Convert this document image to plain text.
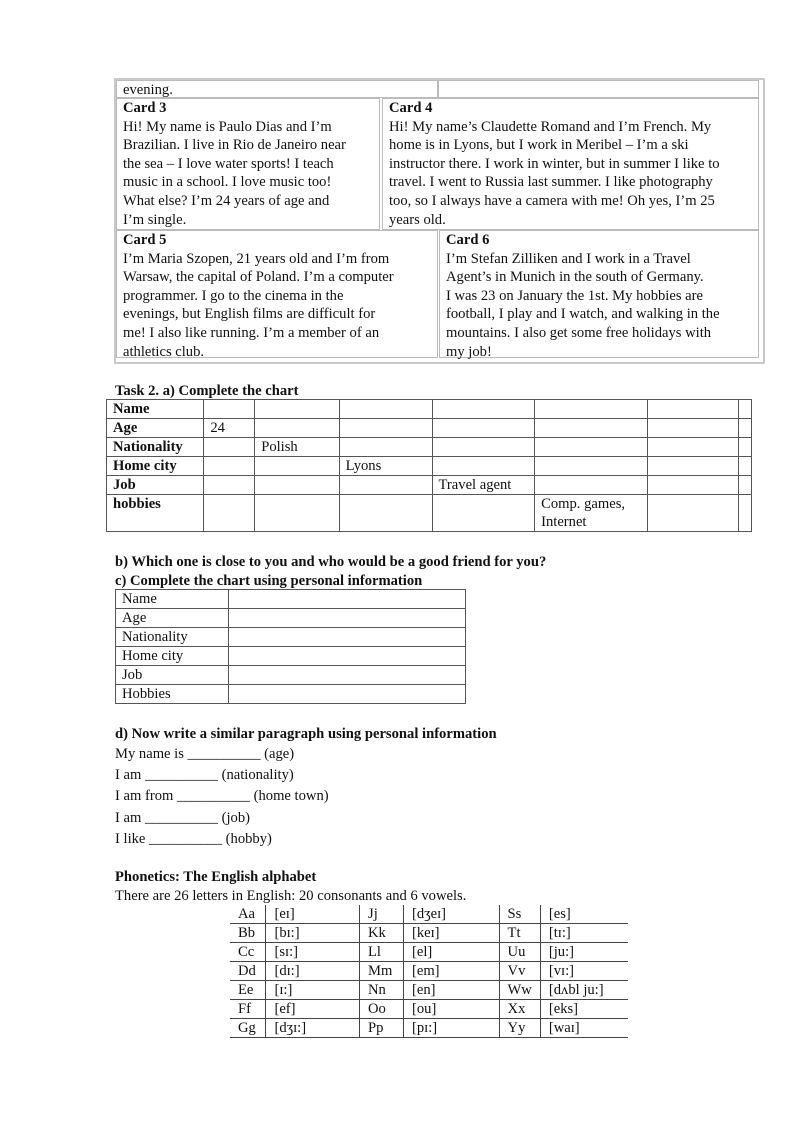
evening.

Card 3

Hi! My name is Paulo Dias and I’m
Brazilian. I live in Rio de Janeiro near
the sea – I love water sports! I teach
music in a school. I love music too!
What else? I’m 24 years of age and
I’m single.

Card 4

Hi! My name’s Claudette Romand and I’m French. My
home is in Lyons, but I work in Meribel – I’m a ski
instructor there. I work in winter, but in summer I like to
travel. I went to Russia last summer. I like photography
too, so I always have a camera with me! Oh yes, I’m 25
years old.

Card 5

I’m Maria Szopen, 21 years old and I’m from
Warsaw, the capital of Poland. I’m a computer
programmer. I go to the cinema in the
evenings, but English films are difficult for
me! I also like running. I’m a member of an
athletics club.

Card 6

I’m Stefan Zilliken and I work in a Travel
Agent’s in Munich in the south of Germany.
I was 23 on January the 1st. My hobbies are
football, I play and I watch, and walking in the
mountains. I also get some free holidays with
my job!

Task 2. a) Complete the chart
Name							
Age	24						
Nationality		Polish					
Home city			Lyons				
Job				Travel agent			
hobbies					Comp. games,
Internet		
b) Which one is close to you and who would be a good friend for you?
c) Complete the chart using personal information
Name	
Age	
Nationality	
Home city	
Job	
Hobbies	
d) Now write a similar paragraph using personal information

My name is __________ (age)

I am __________ (nationality)

I am from __________ (home town)

I am __________ (job)

I like __________ (hobby)

Phonetics: The English alphabet
There are 26 letters in English: 20 consonants and 6 vowels.
Aa	[eɪ]	Jj	[dʒeɪ]	Ss	[es]
Bb	[bɪ:]	Kk	[keɪ]	Tt	[tɪ:]
Cc	[sɪ:]	Ll	[el]	Uu	[ju:]
Dd	[dɪ:]	Mm	[em]	Vv	[vɪ:]
Ee	[ɪ:]	Nn	[en]	Ww	[dʌbl ju:]
Ff	[ef]	Oo	[ou]	Xx	[eks]
Gg	[dʒɪ:]	Pp	[pɪ:]	Yy	[waɪ]
